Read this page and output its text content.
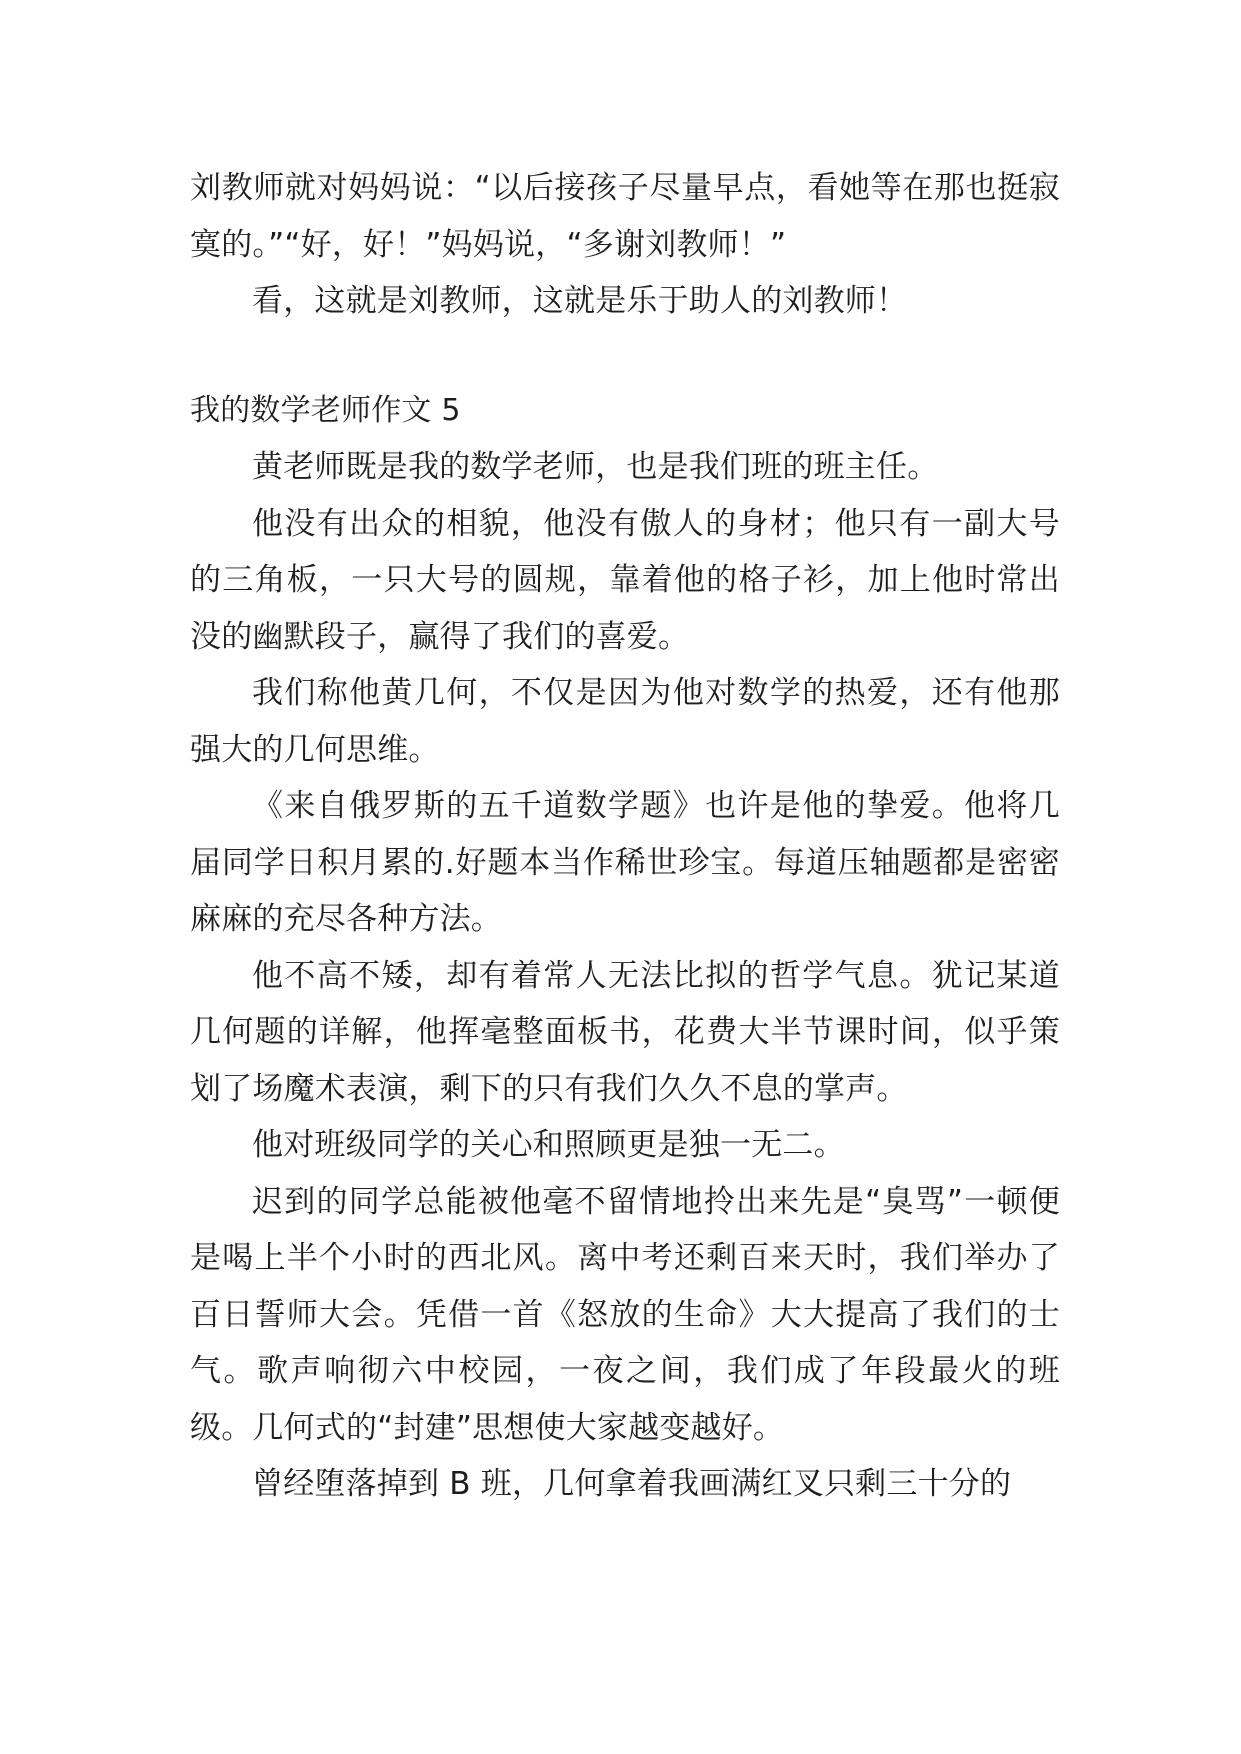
刘教师就对妈妈说：“以后接孩子尽量早点，看她等在那也挺寂寞的。”“好，好！”妈妈说，“多谢刘教师！”

看，这就是刘教师，这就是乐于助人的刘教师！

我的数学老师作文 5

黄老师既是我的数学老师，也是我们班的班主任。

他没有出众的相貌，他没有傲人的身材；他只有一副大号的三角板，一只大号的圆规，靠着他的格子衫，加上他时常出没的幽默段子，赢得了我们的喜爱。

我们称他黄几何，不仅是因为他对数学的热爱，还有他那强大的几何思维。

《来自俄罗斯的五千道数学题》也许是他的挚爱。他将几届同学日积月累的.好题本当作稀世珍宝。每道压轴题都是密密麻麻的充尽各种方法。

他不高不矮，却有着常人无法比拟的哲学气息。犹记某道几何题的详解，他挥毫整面板书，花费大半节课时间，似乎策划了场魔术表演，剩下的只有我们久久不息的掌声。

他对班级同学的关心和照顾更是独一无二。

迟到的同学总能被他毫不留情地拎出来先是“臭骂”一顿便是喝上半个小时的西北风。离中考还剩百来天时，我们举办了百日誓师大会。凭借一首《怒放的生命》大大提高了我们的士气。歌声响彻六中校园，一夜之间，我们成了年段最火的班级。几何式的“封建”思想使大家越变越好。

曾经堕落掉到 B 班，几何拿着我画满红叉只剩三十分的
